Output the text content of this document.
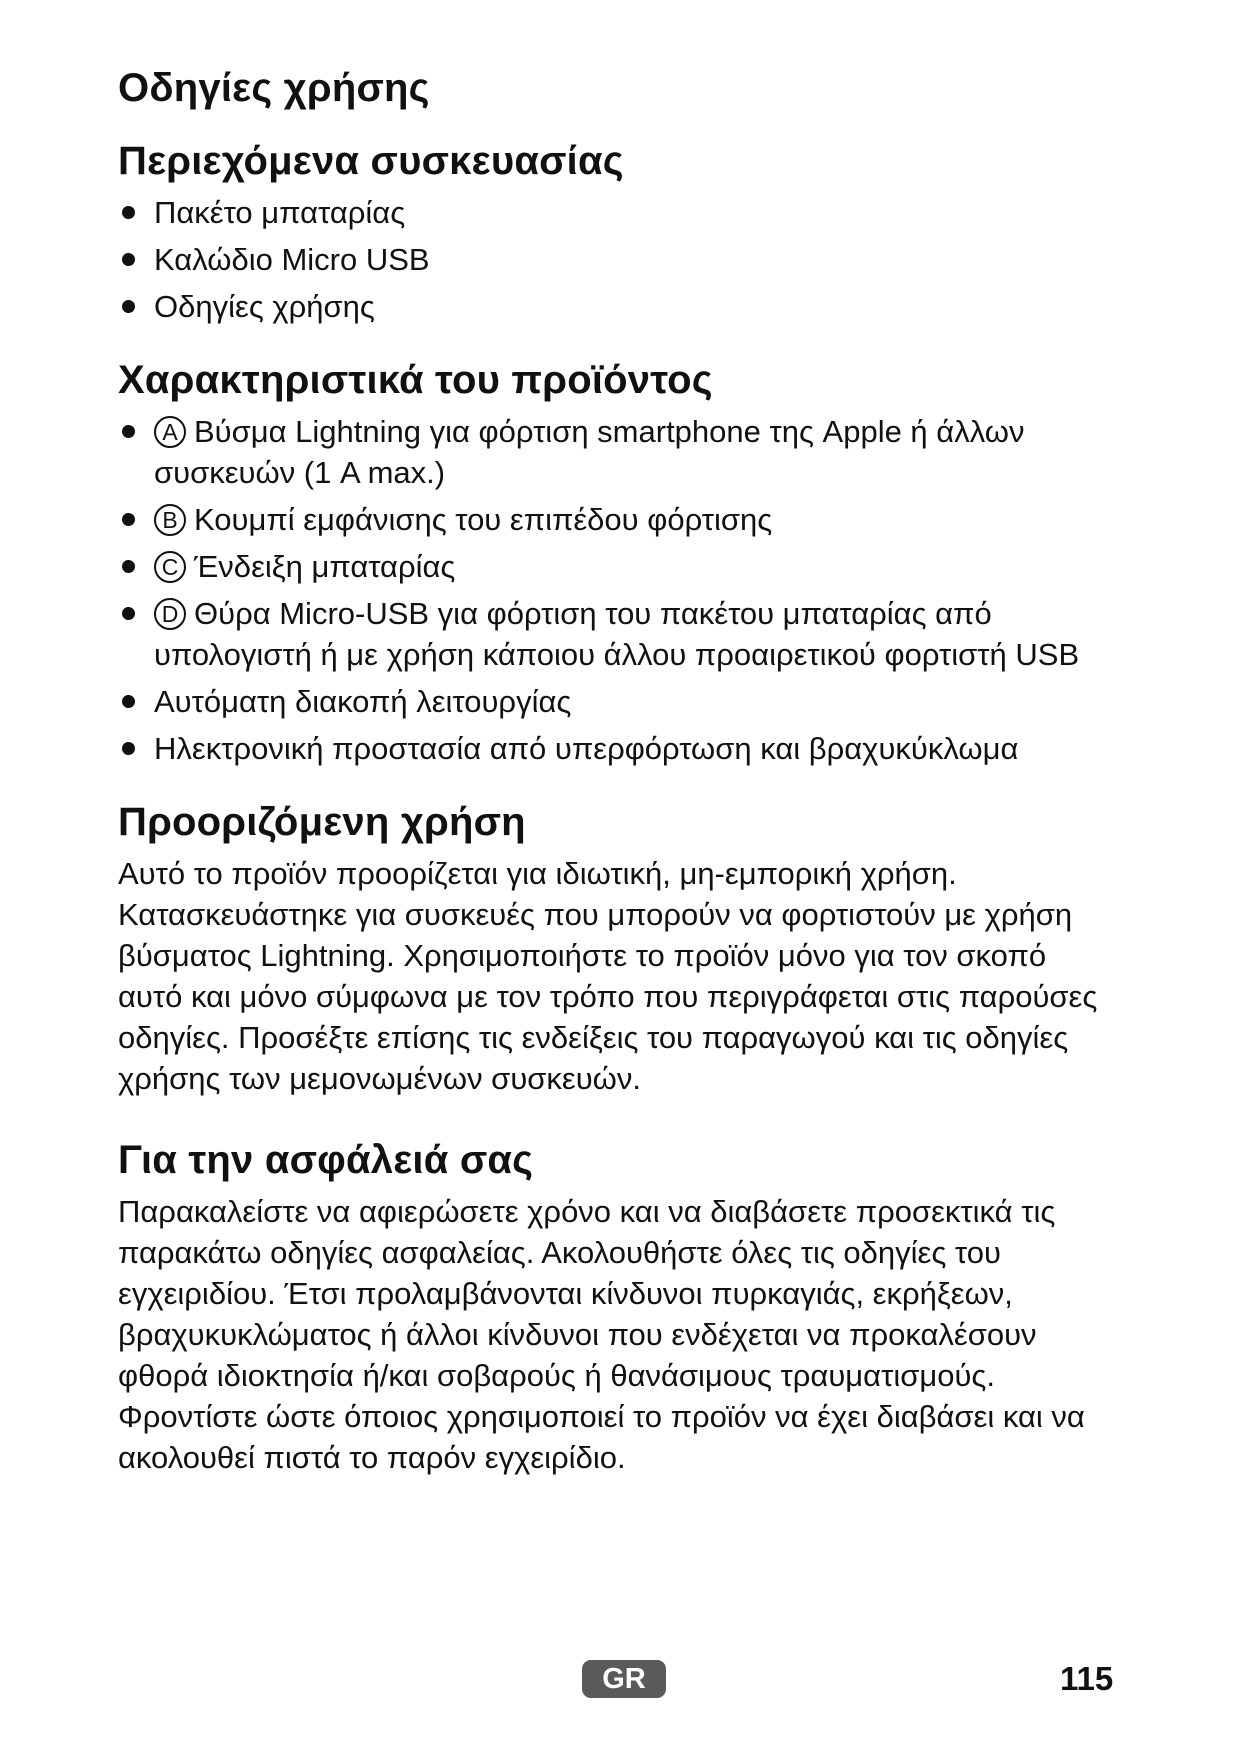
Οδηγίες χρήσης
Περιεχόμενα συσκευασίας
Πακέτο μπαταρίας
Καλώδιο Micro USB
Οδηγίες χρήσης
Χαρακτηριστικά του προϊόντος
A Βύσμα Lightning για φόρτιση smartphone της Apple ή άλλων συσκευών (1 A max.)
B Κουμπί εμφάνισης του επιπέδου φόρτισης
C Ένδειξη μπαταρίας
D Θύρα Micro-USB για φόρτιση του πακέτου μπαταρίας από υπολογιστή ή με χρήση κάποιου άλλου προαιρετικού φορτιστή USB
Αυτόματη διακοπή λειτουργίας
Ηλεκτρονική προστασία από υπερφόρτωση και βραχυκύκλωμα
Προοριζόμενη χρήση

Αυτό το προϊόν προορίζεται για ιδιωτική, μη-εμπορική χρήση. Κατασκευάστηκε για συσκευές που μπορούν να φορτιστούν με χρήση βύσματος Lightning. Χρησιμοποιήστε το προϊόν μόνο για τον σκοπό αυτό και μόνο σύμφωνα με τον τρόπο που περιγράφεται στις παρούσες οδηγίες. Προσέξτε επίσης τις ενδείξεις του παραγωγού και τις οδηγίες χρήσης των μεμονωμένων συσκευών.

Για την ασφάλειά σας

Παρακαλείστε να αφιερώσετε χρόνο και να διαβάσετε προσεκτικά τις παρακάτω οδηγίες ασφαλείας. Ακολουθήστε όλες τις οδηγίες του εγχειριδίου. Έτσι προλαμβάνονται κίνδυνοι πυρκαγιάς, εκρήξεων, βραχυκυκλώματος ή άλλοι κίνδυνοι που ενδέχεται να προκαλέσουν φθορά ιδιοκτησία ή/και σοβαρούς ή θανάσιμους τραυματισμούς. Φροντίστε ώστε όποιος χρησιμοποιεί το προϊόν να έχει διαβάσει και να ακολουθεί πιστά το παρόν εγχειρίδιο.

GR	115
